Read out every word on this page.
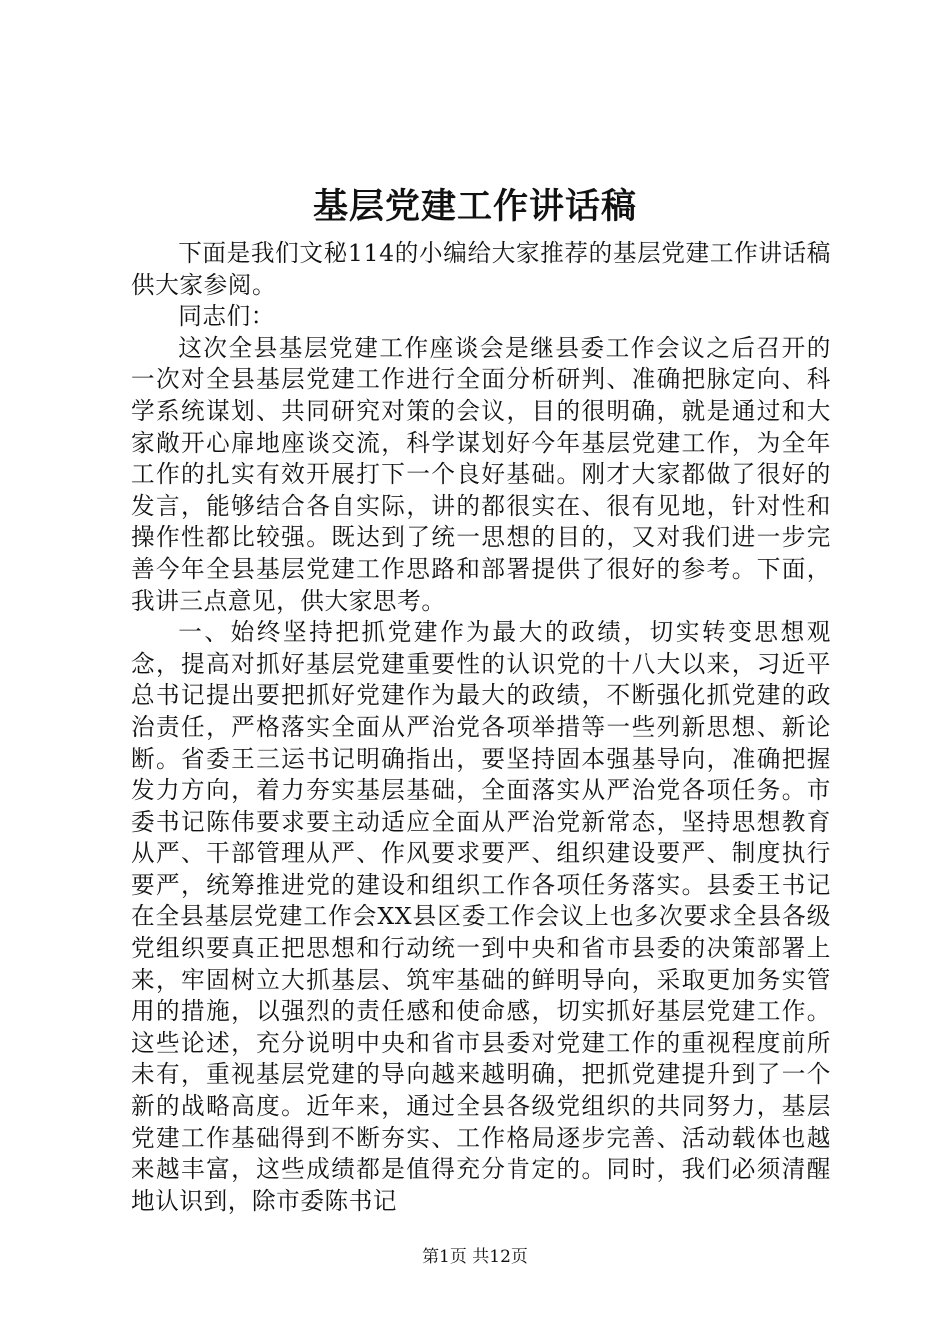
基层党建工作讲话稿

下面是我们文秘114的小编给大家推荐的基层党建工作讲话稿供大家参阅。

同志们：

这次全县基层党建工作座谈会是继县委工作会议之后召开的一次对全县基层党建工作进行全面分析研判、准确把脉定向、科学系统谋划、共同研究对策的会议，目的很明确，就是通过和大家敞开心扉地座谈交流，科学谋划好今年基层党建工作，为全年工作的扎实有效开展打下一个良好基础。刚才大家都做了很好的发言，能够结合各自实际，讲的都很实在、很有见地，针对性和操作性都比较强。既达到了统一思想的目的，又对我们进一步完善今年全县基层党建工作思路和部署提供了很好的参考。下面，我讲三点意见，供大家思考。

一、始终坚持把抓党建作为最大的政绩，切实转变思想观念，提高对抓好基层党建重要性的认识党的十八大以来，习近平总书记提出要把抓好党建作为最大的政绩，不断强化抓党建的政治责任，严格落实全面从严治党各项举措等一些列新思想、新论断。省委王三运书记明确指出，要坚持固本强基导向，准确把握发力方向，着力夯实基层基础，全面落实从严治党各项任务。市委书记陈伟要求要主动适应全面从严治党新常态，坚持思想教育从严、干部管理从严、作风要求要严、组织建设要严、制度执行要严，统筹推进党的建设和组织工作各项任务落实。县委王书记在全县基层党建工作会XX县区委工作会议上也多次要求全县各级党组织要真正把思想和行动统一到中央和省市县委的决策部署上来，牢固树立大抓基层、筑牢基础的鲜明导向，采取更加务实管用的措施，以强烈的责任感和使命感，切实抓好基层党建工作。这些论述，充分说明中央和省市县委对党建工作的重视程度前所未有，重视基层党建的导向越来越明确，把抓党建提升到了一个新的战略高度。近年来，通过全县各级党组织的共同努力，基层党建工作基础得到不断夯实、工作格局逐步完善、活动载体也越来越丰富，这些成绩都是值得充分肯定的。同时，我们必须清醒地认识到，除市委陈书记

第1页 共12页
